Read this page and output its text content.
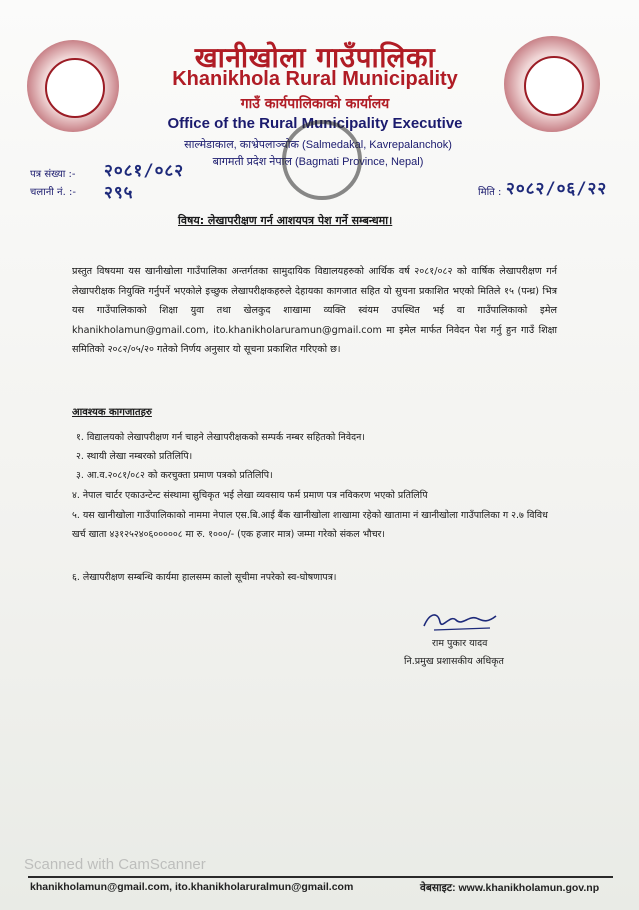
खानीखोला गाउँपालिका
Khanikhola Rural Municipality
गाउँ कार्यपालिकाको कार्यालय
Office of the Rural Municipality Executive
साल्मेडाकाल, काभ्रेपलाञ्चोक (Salmedakal, Kavrepalanchok)
बागमती प्रदेश नेपाल (Bagmati Province, Nepal)
पत्र संख्या :- २०८१/०८२
चलानी नं. :- २९५	मिति : २०८२/०६/२२
विषय: लेखापरीक्षण गर्न आशयपत्र पेश गर्ने सम्बन्धमा।
प्रस्तुत विषयमा यस खानीखोला गाउँपालिका अन्तर्गतका सामुदायिक विद्यालयहरुको आर्थिक वर्ष २०८१/०८२ को वार्षिक लेखापरीक्षण गर्न लेखापरीक्षक नियुक्ति गर्नुपर्ने भएकोले इच्छुक लेखापरीक्षकहरुले देहायका कागजात सहित यो सुचना प्रकाशित भएको मितिले १५ (पन्ध्र) भित्र यस गाउँपालिकाको शिक्षा युवा तथा खेलकुद शाखामा व्यक्ति स्वंयम उपस्थित भई वा गाउँपालिकाको इमेल khanikholamun@gmail.com, ito.khanikholaruramun@gmail.com मा इमेल मार्फत निवेदन पेश गर्नु हुन गाउँ शिक्षा समितिको २०८२/०५/२० गतेको निर्णय अनुसार यो सूचना प्रकाशित गरिएको छ।
आवश्यक कागजातहरु
१. विद्यालयको लेखापरीक्षण गर्न चाहने लेखापरीक्षकको सम्पर्क नम्बर सहितको निवेदन।
२. स्थायी लेखा नम्बरको प्रतिलिपि।
३. आ.व.२०८१/०८२ को करचुक्ता प्रमाण पत्रको प्रतिलिपि।
४. नेपाल चार्टर एकाउन्टेन्ट संस्थामा सुचिकृत भई लेखा व्यवसाय फर्म प्रमाण पत्र नविकरण भएको प्रतिलिपि
५. यस खानीखोला गाउँपालिकाको नाममा नेपाल एस.बि.आई बैंक खानीखोला शाखामा रहेको खातामा नं खानीखोला गाउँपालिका ग २.७ विविध खर्च खाता ४३१२५२४०६०००००८ मा रु. १०००/- (एक हजार मात्र) जम्मा गरेको संकल भौचर।
६. लेखापरीक्षण सम्बन्धि कार्यमा हालसम्म कालो सूचीमा नपरेको स्व-घोषणापत्र।
राम पुकार यादव
नि.प्रमुख प्रशासकीय अधिकृत
Scanned with CamScanner
khanikholamun@gmail.com, ito.khanikholaruralmun@gmail.com	वेबसाइट: www.khanikholamun.gov.np
